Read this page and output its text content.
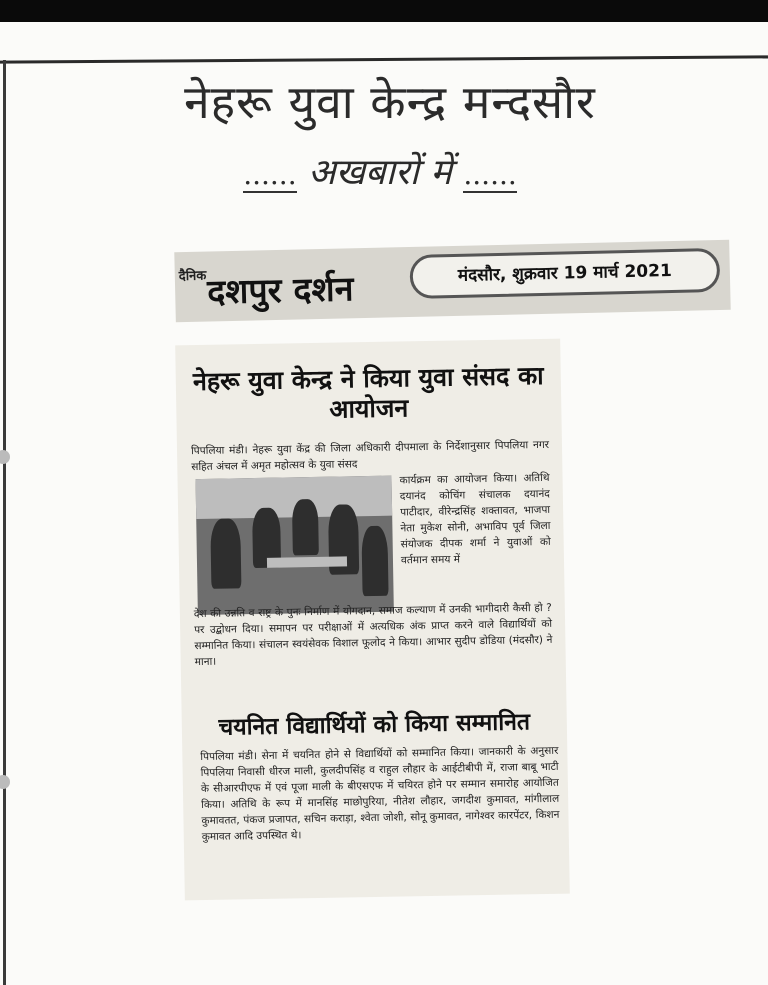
नेहरू युवा केन्द्र मन्दसौर
...... अखबारों में ......
दैनिक दशपुर दर्शन	मंदसौर, शुक्रवार 19 मार्च 2021
नेहरू युवा केन्द्र ने किया युवा संसद का आयोजन
पिपलिया मंडी। नेहरू युवा केंद्र की जिला अधिकारी दीपमाला के निर्देशानुसार पिपलिया नगर सहित अंचल में अमृत महोत्सव के युवा संसद
कार्यक्रम का आयोजन किया। अतिथि दयानंद कोचिंग संचालक दयानंद पाटीदार, वीरेन्द्रसिंह शक्तावत, भाजपा नेता मुकेश सोनी, अभाविप पूर्व जिला संयोजक दीपक शर्मा ने युवाओं को वर्तमान समय में
देश की उन्नति व राष्ट्र के पुनः निर्माण में योगदान, समाज कल्याण में उनकी भागीदारी कैसी हो ? पर उद्बोधन दिया। समापन पर परीक्षाओं में अत्यधिक अंक प्राप्त करने वाले विद्यार्थियों को सम्मानित किया। संचालन स्वयंसेवक विशाल फूलोद ने किया। आभार सुदीप डोडिया (मंदसौर) ने माना।
चयनित विद्यार्थियों को किया सम्मानित
पिपलिया मंडी। सेना में चयनित होने से विद्यार्थियों को सम्मानित किया। जानकारी के अनुसार पिपलिया निवासी धीरज माली, कुलदीपसिंह व राहुल लौहार के आईटीबीपी में, राजा बाबू भाटी के सीआरपीएफ में एवं पूजा माली के बीएसएफ में चयिरत होने पर सम्मान समारोह आयोजित किया। अतिथि के रूप में मानसिंह माछोपुरिया, नीतेश लौहार, जगदीश कुमावत, मांगीलाल कुमावतत, पंकज प्रजापत, सचिन कराड़ा, श्वेता जोशी, सोनू कुमावत, नागेश्वर कारपेंटर, किशन कुमावत आदि उपस्थित थे।
